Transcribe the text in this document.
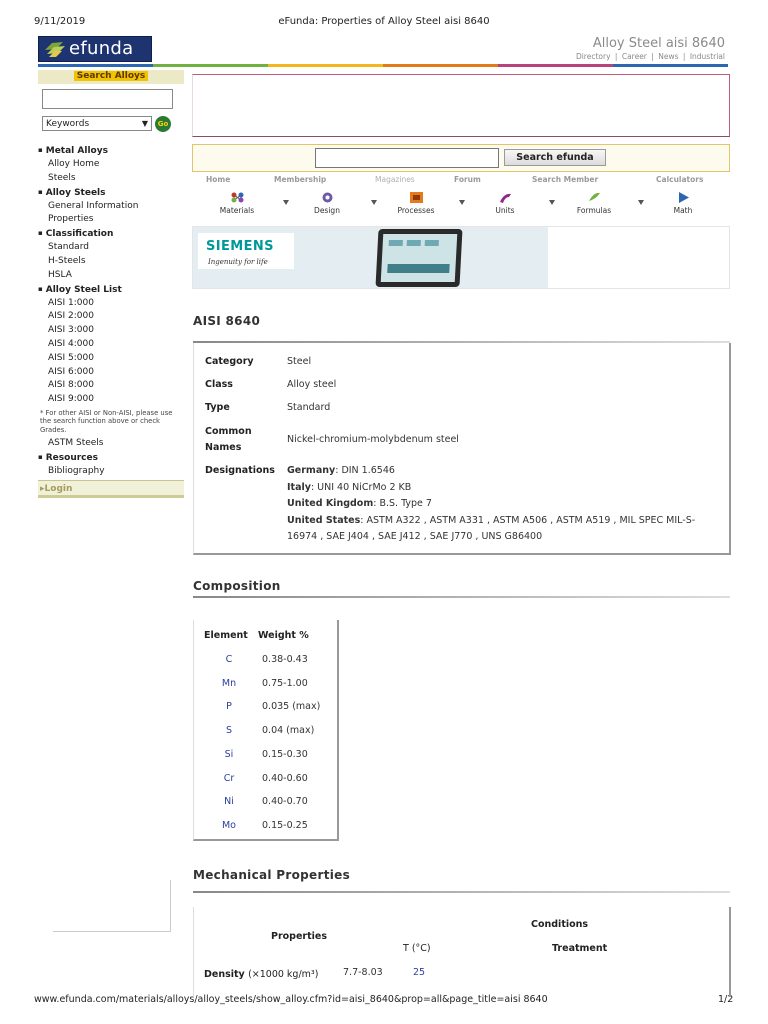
9/11/2019	eFunda: Properties of Alloy Steel aisi 8640
www.efunda.com/materials/alloys/alloy_steels/show_alloy.cfm?id=aisi_8640&prop=all&page_title=aisi 8640	1/2
efunda	Alloy Steel aisi 8640
Directory | Career | News | Industrial
Search Alloys
Keywords	▼	Go
▪ Metal Alloys
Alloy Home
Steels
▪ Alloy Steels
General Information
Properties
▪ Classification
Standard
H-Steels
HSLA
▪ Alloy Steel List
AISI 1:000
AISI 2:000
AISI 3:000
AISI 4:000
AISI 5:000
AISI 6:000
AISI 8:000
AISI 9:000
* For other AISI or Non-AISI, please use the search function above or check Grades.
ASTM Steels
▪ Resources
Bibliography
▸Login
Search efunda
Home	Membership	Magazines	Forum	Search Member	Calculators
Materials	Design	Processes	Units	Formulas	Math
SIEMENS
Ingenuity for life
AISI 8640
Category	Steel
Class	Alloy steel
Type	Standard
Common Names
Nickel-chromium-molybdenum steel
Designations Germany: DIN 1.6546
Italy: UNI 40 NiCrMo 2 KB
United Kingdom: B.S. Type 7
United States: ASTM A322 , ASTM A331 , ASTM A506 , ASTM A519 , MIL SPEC MIL-S-16974 , SAE J404 , SAE J412 , SAE J770 , UNS G86400
Composition
Element Weight %
C	0.38-0.43
Mn	0.75-1.00
P	0.035 (max)
S	0.04 (max)
Si	0.15-0.30
Cr	0.40-0.60
Ni	0.40-0.70
Mo	0.15-0.25
Mechanical Properties
Conditions
Properties
T (°C)	Treatment
Density (×1000 kg/m³)	7.7-8.03	25
